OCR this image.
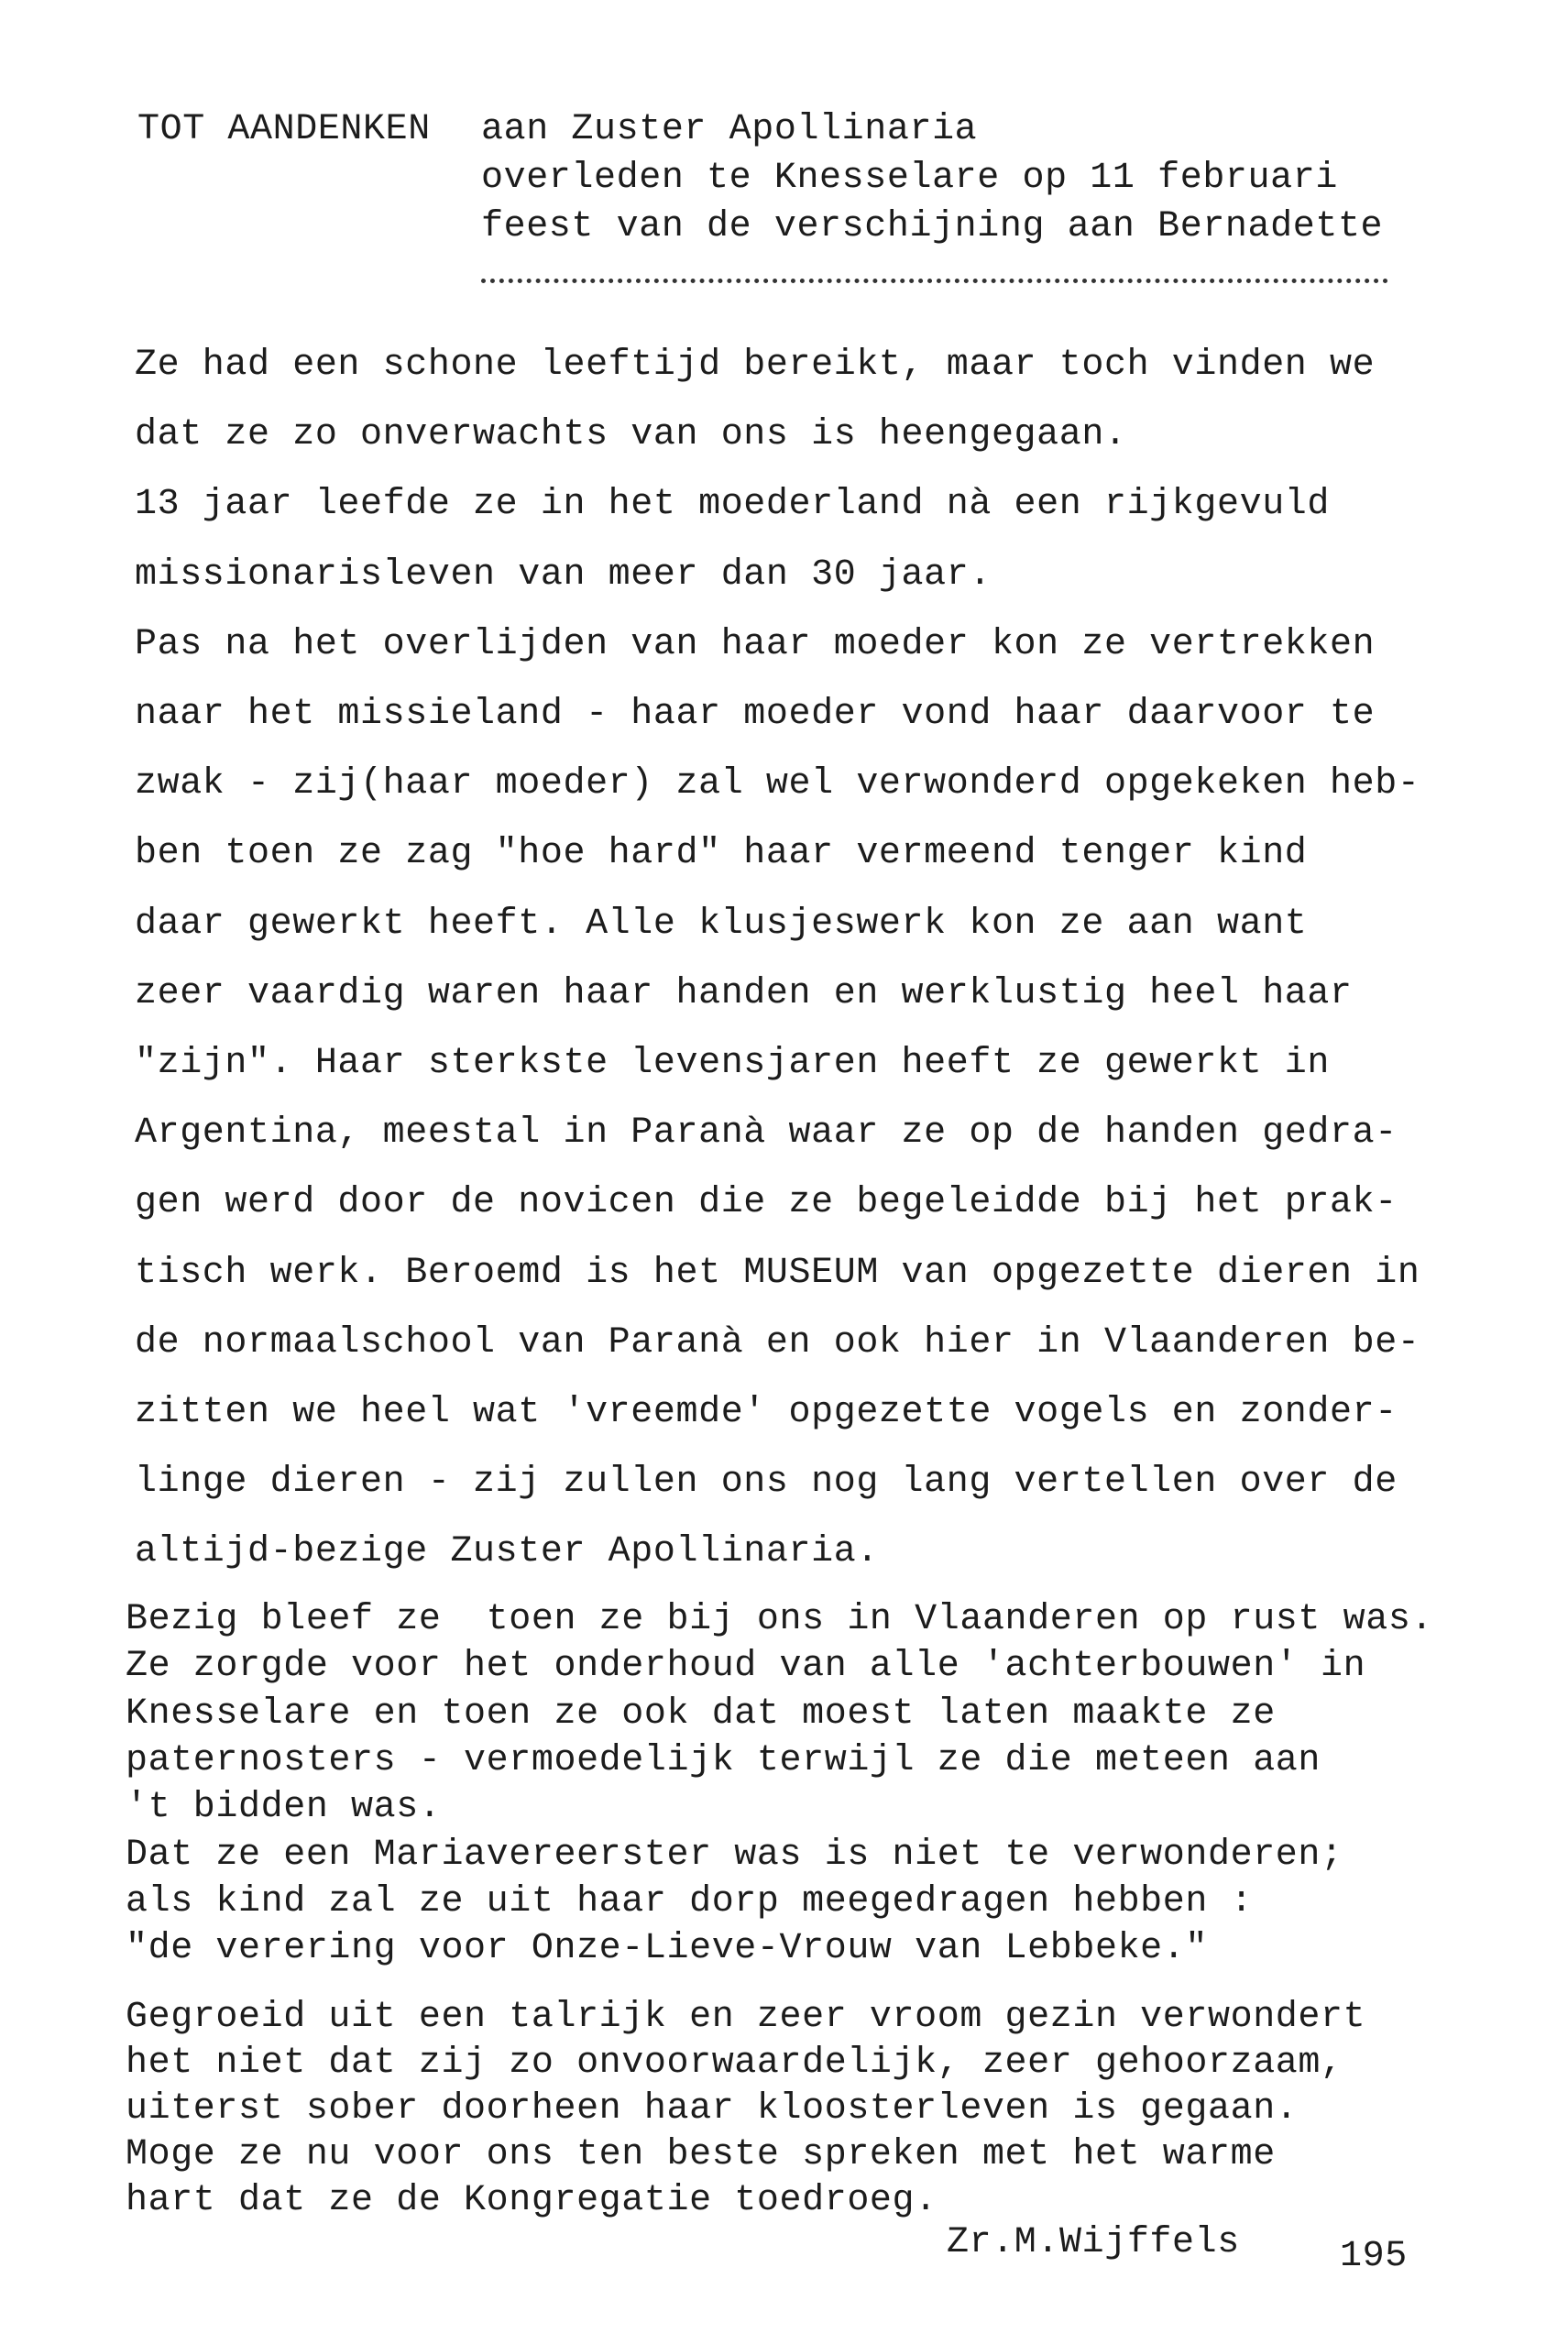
TOT AANDENKEN aan Zuster Apollinaria
overleden te Knesselare op 11 februari
feest van de verschijning aan Bernadette
Ze had een schone leeftijd bereikt, maar toch vinden we
dat ze zo onverwachts van ons is heengegaan.
13 jaar leefde ze in het moederland nà een rijkgevuld
missionarisleven van meer dan 30 jaar.
Pas na het overlijden van haar moeder kon ze vertrekken
naar het missieland - haar moeder vond haar daarvoor te
zwak - zij(haar moeder) zal wel verwonderd opgekeken heb-
ben toen ze zag "hoe hard" haar vermeend tenger kind
daar gewerkt heeft. Alle klusjeswerk kon ze aan want
zeer vaardig waren haar handen en werklustig heel haar
"zijn". Haar sterkste levensjaren heeft ze gewerkt in
Argentina, meestal in Paranà waar ze op de handen gedra-
gen werd door de novicen die ze begeleidde bij het prak-
tisch werk. Beroemd is het MUSEUM van opgezette dieren in
de normaalschool van Paranà en ook hier in Vlaanderen be-
zitten we heel wat 'vreemde' opgezette vogels en zonder-
linge dieren - zij zullen ons nog lang vertellen over de
altijd-bezige Zuster Apollinaria.
Bezig bleef ze  toen ze bij ons in Vlaanderen op rust was.
Ze zorgde voor het onderhoud van alle 'achterbouwen' in
Knesselare en toen ze ook dat moest laten maakte ze
paternosters - vermoedelijk terwijl ze die meteen aan
't bidden was.
Dat ze een Mariavereerster was is niet te verwonderen;
als kind zal ze uit haar dorp meegedragen hebben :
"de verering voor Onze-Lieve-Vrouw van Lebbeke."
Gegroeid uit een talrijk en zeer vroom gezin verwondert
het niet dat zij zo onvoorwaardelijk, zeer gehoorzaam,
uiterst sober doorheen haar kloosterleven is gegaan.
Moge ze nu voor ons ten beste spreken met het warme
hart dat ze de Kongregatie toedroeg.
Zr.M.Wijffels	195
